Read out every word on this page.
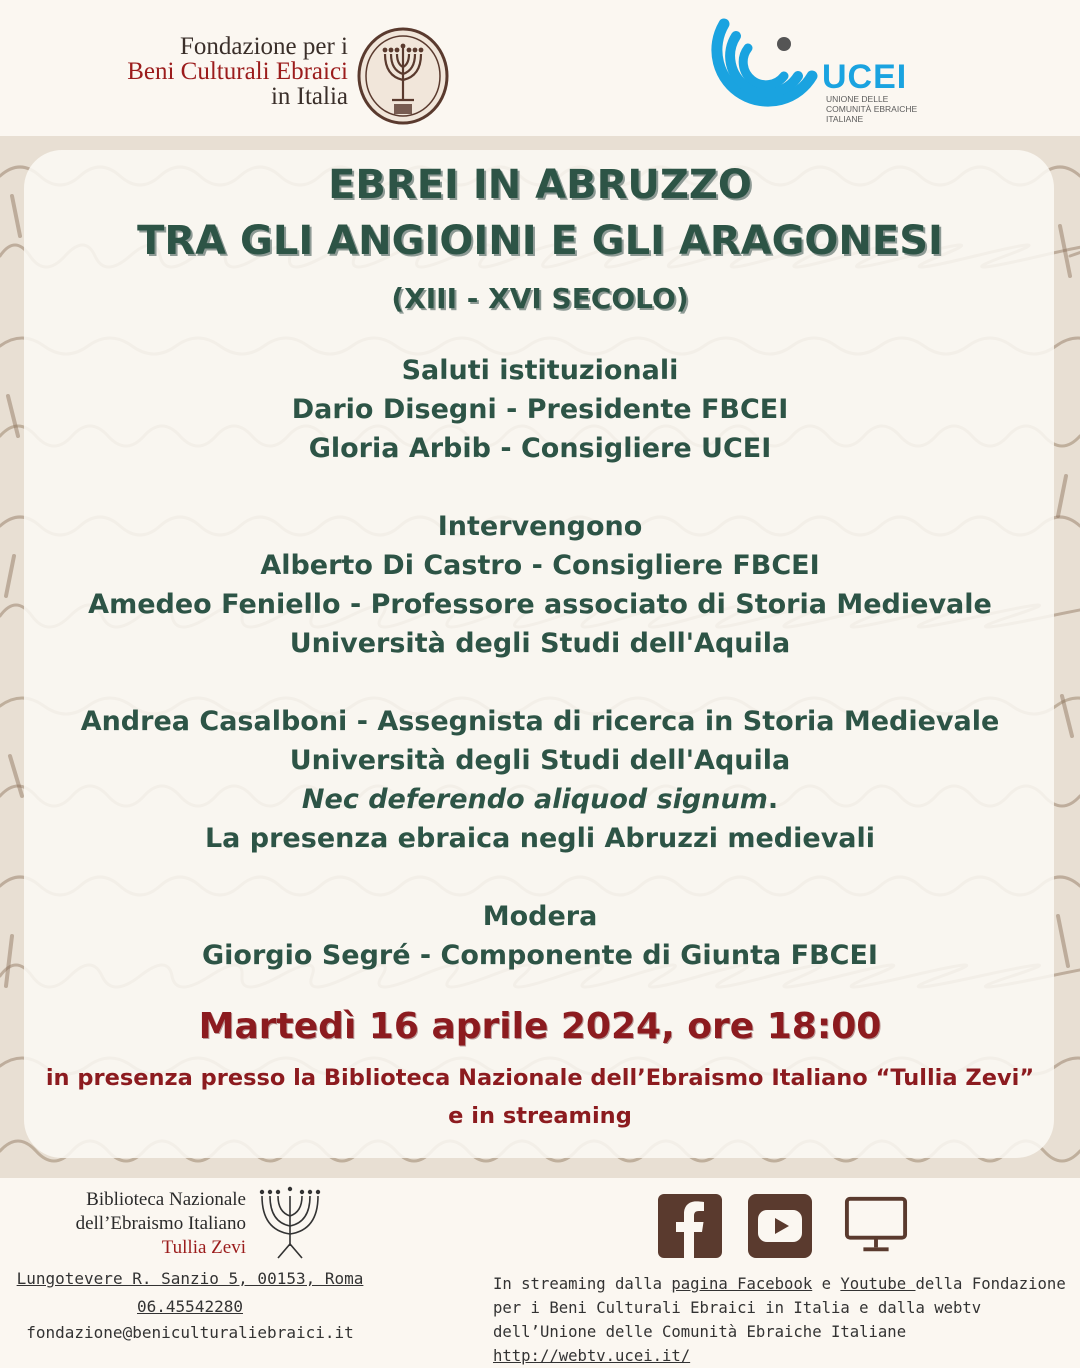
Fondazione per i
Beni Culturali Ebraici
in Italia
UCEI
UNIONE DELLE
COMUNITÀ EBRAICHE
ITALIANE
EBREI IN ABRUZZO
TRA GLI ANGIOINI E GLI ARAGONESI
(XIII - XVI SECOLO)
Saluti istituzionali
Dario Disegni - Presidente FBCEI
Gloria Arbib - Consigliere UCEI
Intervengono
Alberto Di Castro - Consigliere FBCEI
Amedeo Feniello - Professore associato di Storia Medievale
Università degli Studi dell'Aquila
Andrea Casalboni - Assegnista di ricerca in Storia Medievale
Università degli Studi dell'Aquila
Nec deferendo aliquod signum.
La presenza ebraica negli Abruzzi medievali
Modera
Giorgio Segré - Componente di Giunta FBCEI
Martedì 16 aprile 2024, ore 18:00
in presenza presso la Biblioteca Nazionale dell’Ebraismo Italiano “Tullia Zevi”
e in streaming
Biblioteca Nazionale
dell’Ebraismo Italiano
Tullia Zevi
Lungotevere R. Sanzio 5, 00153, Roma
06.45542280
fondazione@beniculturaliebraici.it
In streaming dalla pagina Facebook e Youtube della Fondazione per i Beni Culturali Ebraici in Italia e dalla webtv dell’Unione delle Comunità Ebraiche Italiane http://webtv.ucei.it/
